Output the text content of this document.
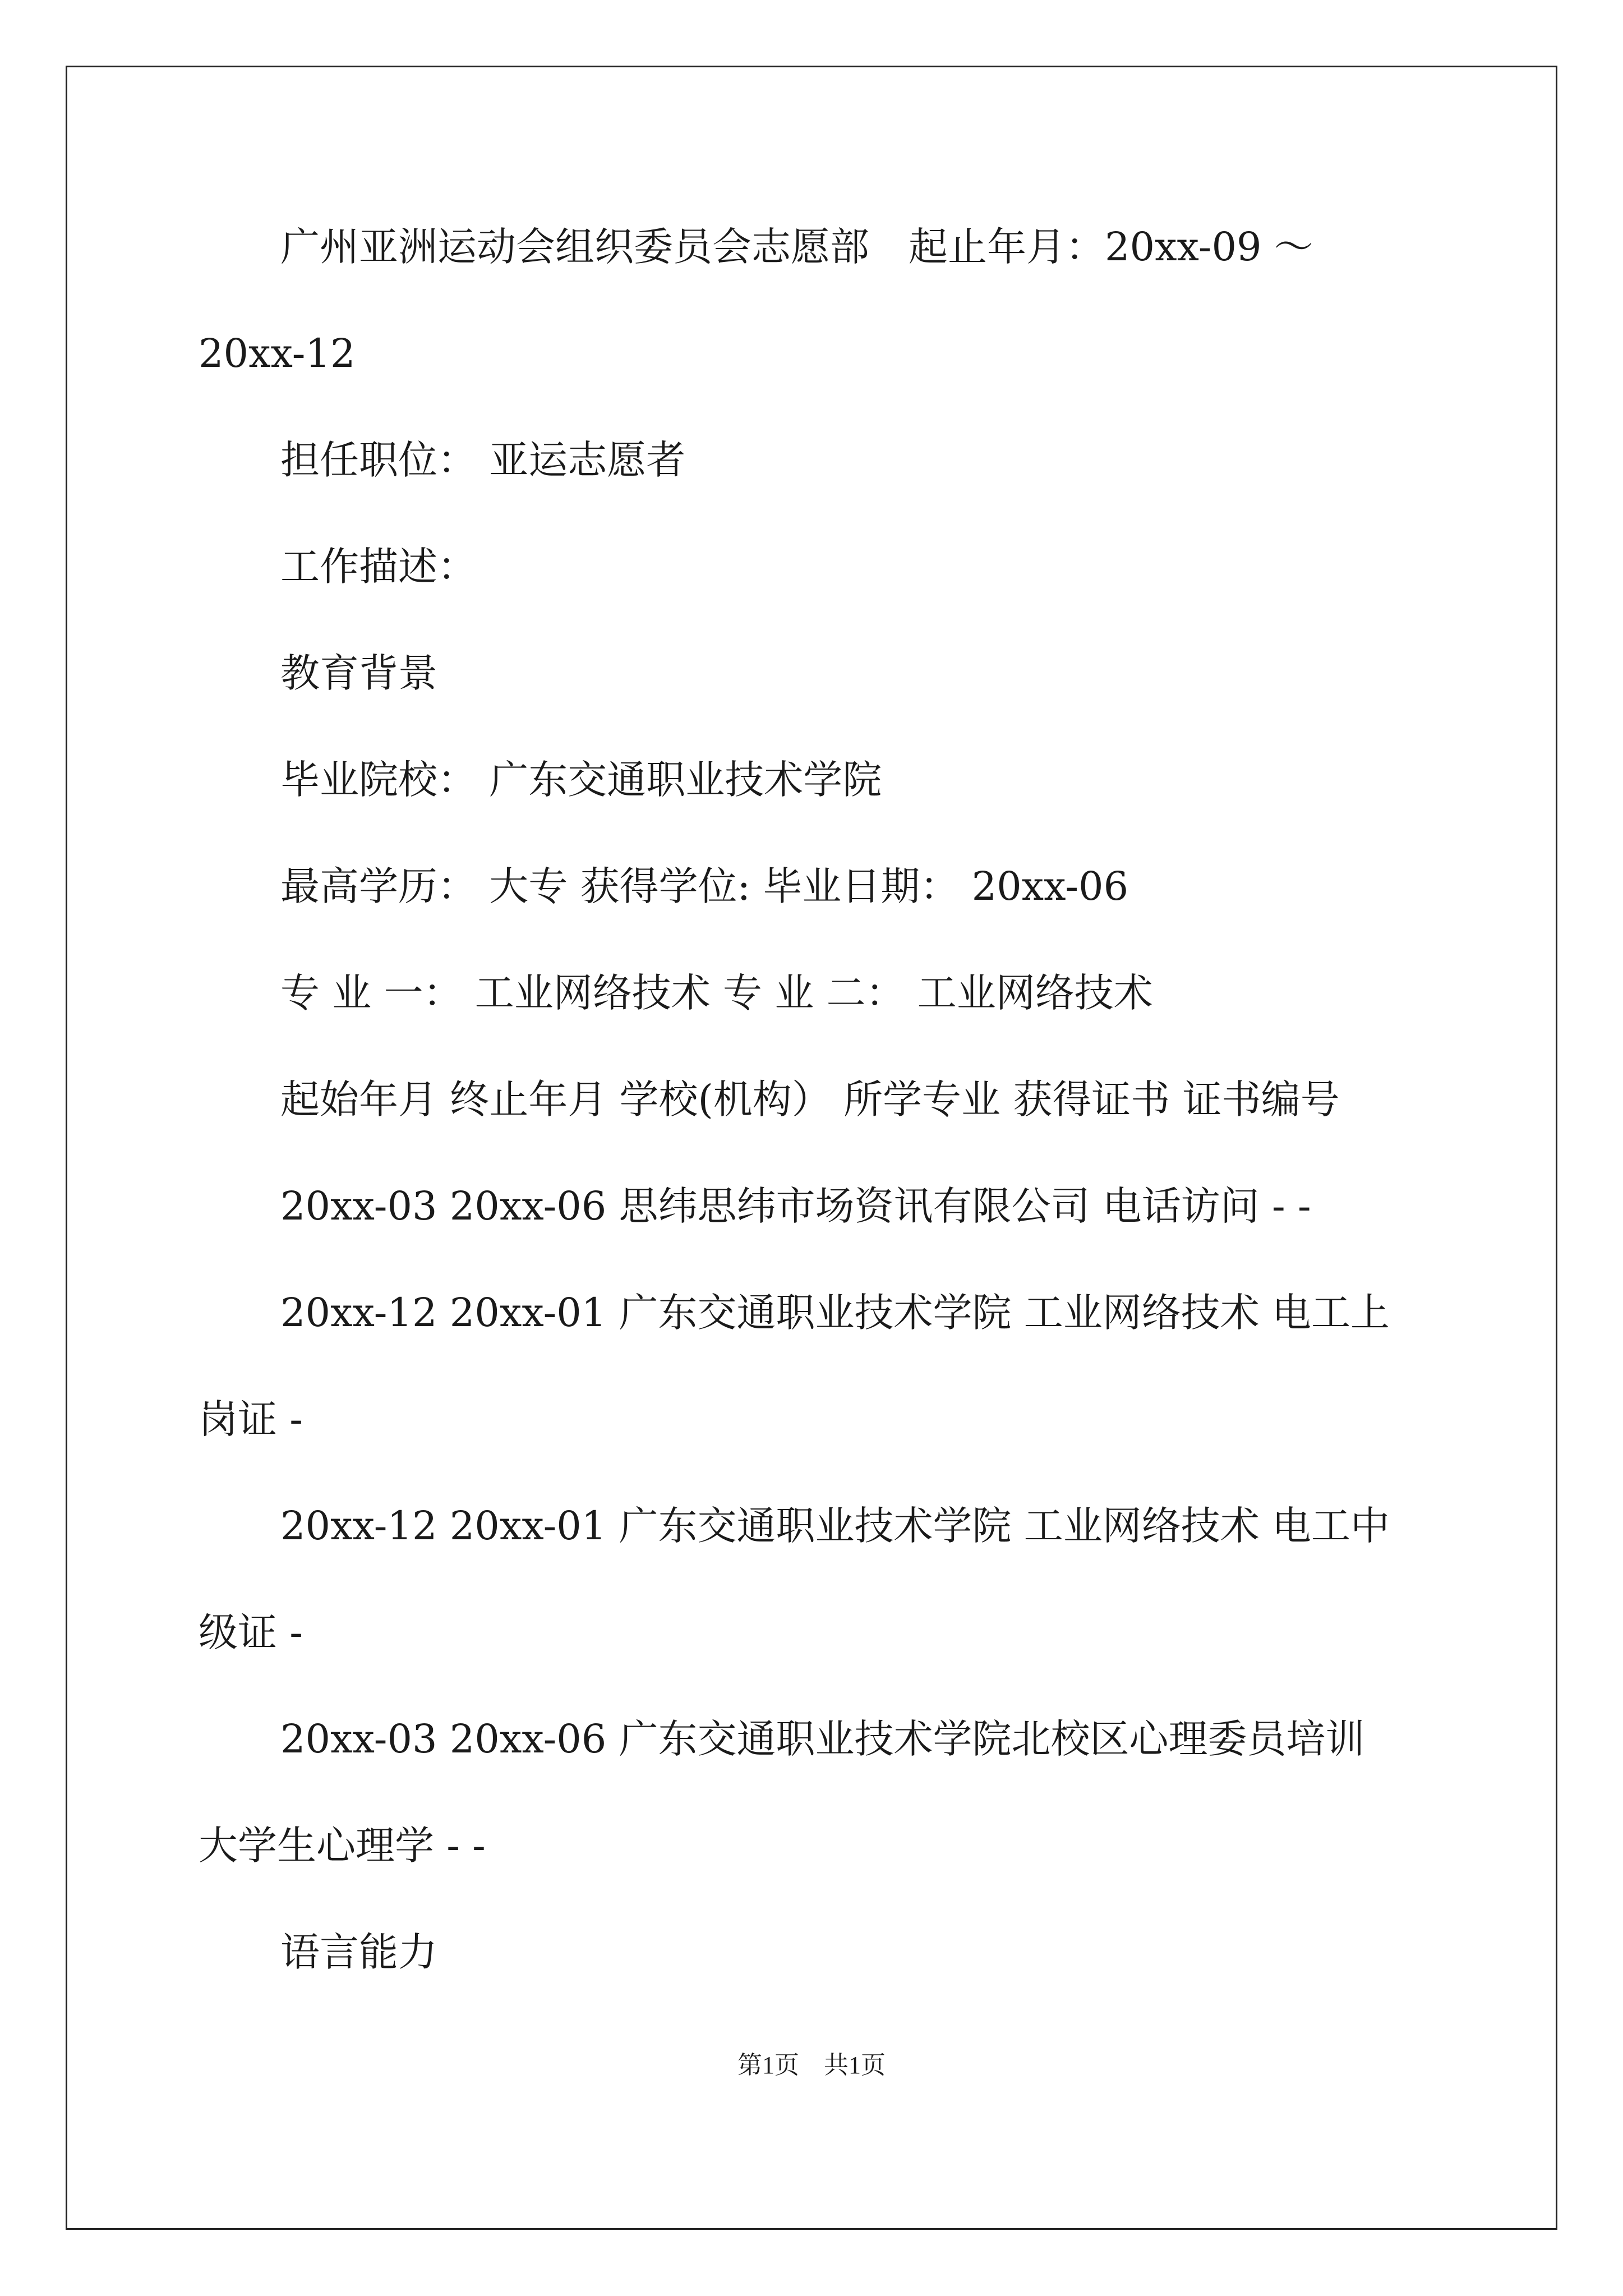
广州亚洲运动会组织委员会志愿部　起止年月：20xx-09 ～
20xx-12
担任职位： 亚运志愿者
工作描述：
教育背景
毕业院校： 广东交通职业技术学院
最高学历： 大专 获得学位: 毕业日期： 20xx-06
专 业 一： 工业网络技术 专 业 二： 工业网络技术
起始年月 终止年月 学校(机构） 所学专业 获得证书 证书编号
20xx-03 20xx-06 思纬思纬市场资讯有限公司 电话访问 - -
20xx-12 20xx-01 广东交通职业技术学院 工业网络技术 电工上
岗证 -
20xx-12 20xx-01 广东交通职业技术学院 工业网络技术 电工中
级证 -
20xx-03 20xx-06 广东交通职业技术学院北校区心理委员培训
大学生心理学 - -
语言能力
第1页　共1页
